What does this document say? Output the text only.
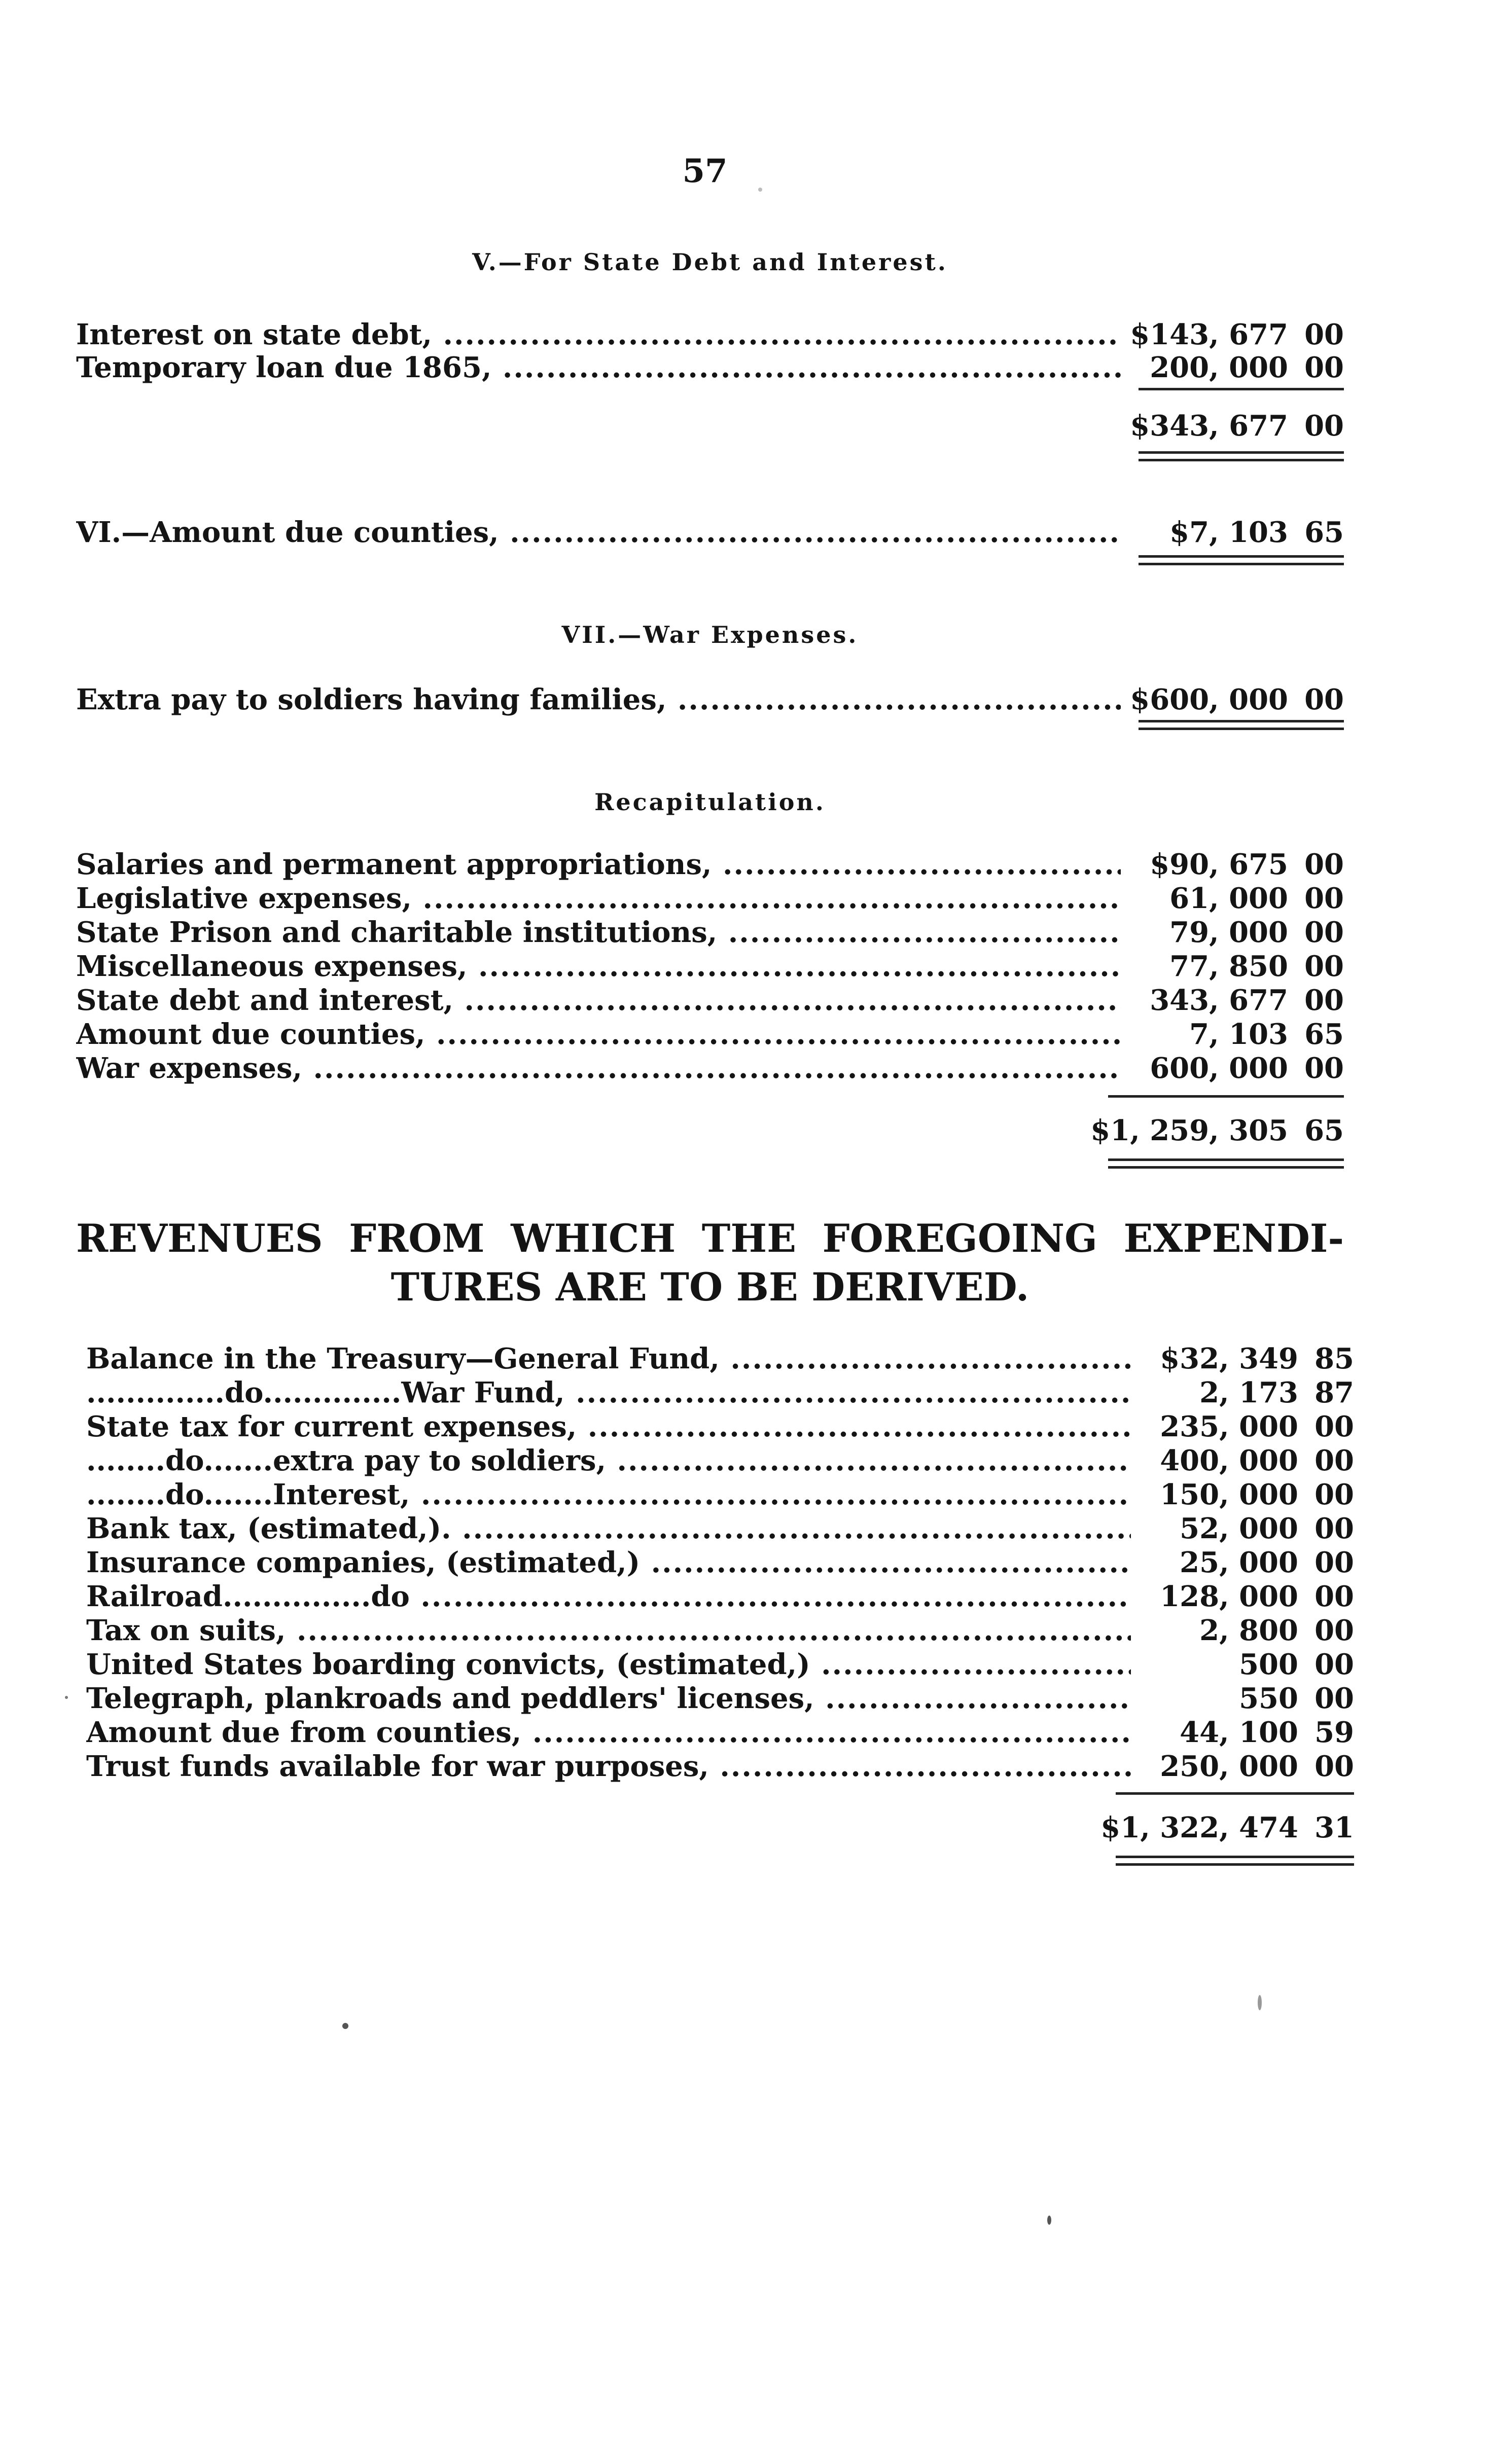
57
V.—For State Debt and Interest.
Interest on state debt, .....	$143, 677 00
Temporary loan due 1865, .....	200, 000 00
$343, 677 00
VI.—Amount due counties, .....	$7, 103 65
VII.—War Expenses.
Extra pay to soldiers having families, .....	$600, 000 00
Recapitulation.
Salaries and permanent appropriations, .....	$90, 675 00
Legislative expenses, .....	61, 000 00
State Prison and charitable institutions, .....	79, 000 00
Miscellaneous expenses, .....	77, 850 00
State debt and interest, .....	343, 677 00
Amount due counties, .....	7, 103 65
War expenses, .....	600, 000 00
$1, 259, 305 65
REVENUES FROM WHICH THE FOREGOING EXPENDI- TURES ARE TO BE DERIVED.
Balance in the Treasury—General Fund, .....	$32, 349 85
..............do..............War Fund, .....	2, 173 87
State tax for current expenses, .....	235, 000 00
........do.......extra pay to soldiers, .....	400, 000 00
........do.......Interest, .....	150, 000 00
Bank tax, (estimated,). .....	52, 000 00
Insurance companies, (estimated,) .....	25, 000 00
Railroad...............do .....	128, 000 00
Tax on suits, .....	2, 800 00
United States boarding convicts, (estimated,) .....	500 00
Telegraph, plankroads and peddlers' licenses, .....	550 00
Amount due from counties, .....	44, 100 59
Trust funds available for war purposes, .....	250, 000 00
$1, 322, 474 31
